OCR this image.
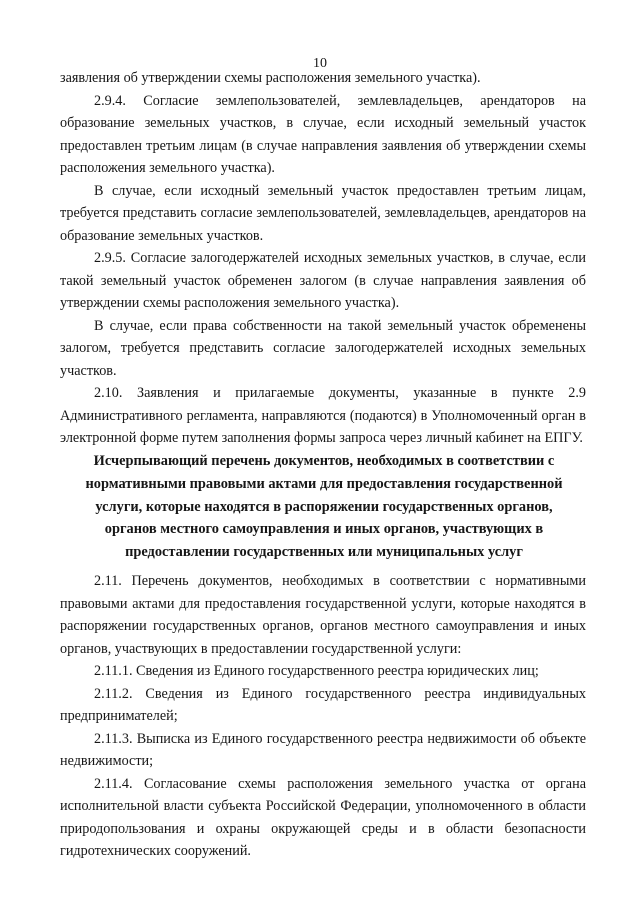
10

заявления об утверждении схемы расположения земельного участка).

2.9.4. Согласие землепользователей, землевладельцев, арендаторов на образование земельных участков, в случае, если исходный земельный участок предоставлен третьим лицам (в случае направления заявления об утверждении схемы расположения земельного участка).

В случае, если исходный земельный участок предоставлен третьим лицам, требуется представить согласие землепользователей, землевладельцев, арендаторов на образование земельных участков.

2.9.5. Согласие залогодержателей исходных земельных участков, в случае, если такой земельный участок обременен залогом (в случае направления заявления об утверждении схемы расположения земельного участка).

В случае, если права собственности на такой земельный участок обременены залогом, требуется представить согласие залогодержателей исходных земельных участков.

2.10. Заявления и прилагаемые документы, указанные в пункте 2.9 Административного регламента, направляются (подаются) в Уполномоченный орган в электронной форме путем заполнения формы запроса через личный кабинет на ЕПГУ.

Исчерпывающий перечень документов, необходимых в соответствии с нормативными правовыми актами для предоставления государственной услуги, которые находятся в распоряжении государственных органов, органов местного самоуправления и иных органов, участвующих в предоставлении государственных или муниципальных услуг

2.11. Перечень документов, необходимых в соответствии с нормативными правовыми актами для предоставления государственной услуги, которые находятся в распоряжении государственных органов, органов местного самоуправления и иных органов, участвующих в предоставлении государственной услуги:

2.11.1. Сведения из Единого государственного реестра юридических лиц;

2.11.2. Сведения из Единого государственного реестра индивидуальных предпринимателей;

2.11.3. Выписка из Единого государственного реестра недвижимости об объекте недвижимости;

2.11.4. Согласование схемы расположения земельного участка от органа исполнительной власти субъекта Российской Федерации, уполномоченного в области природопользования и охраны окружающей среды и в области безопасности гидротехнических сооружений.
